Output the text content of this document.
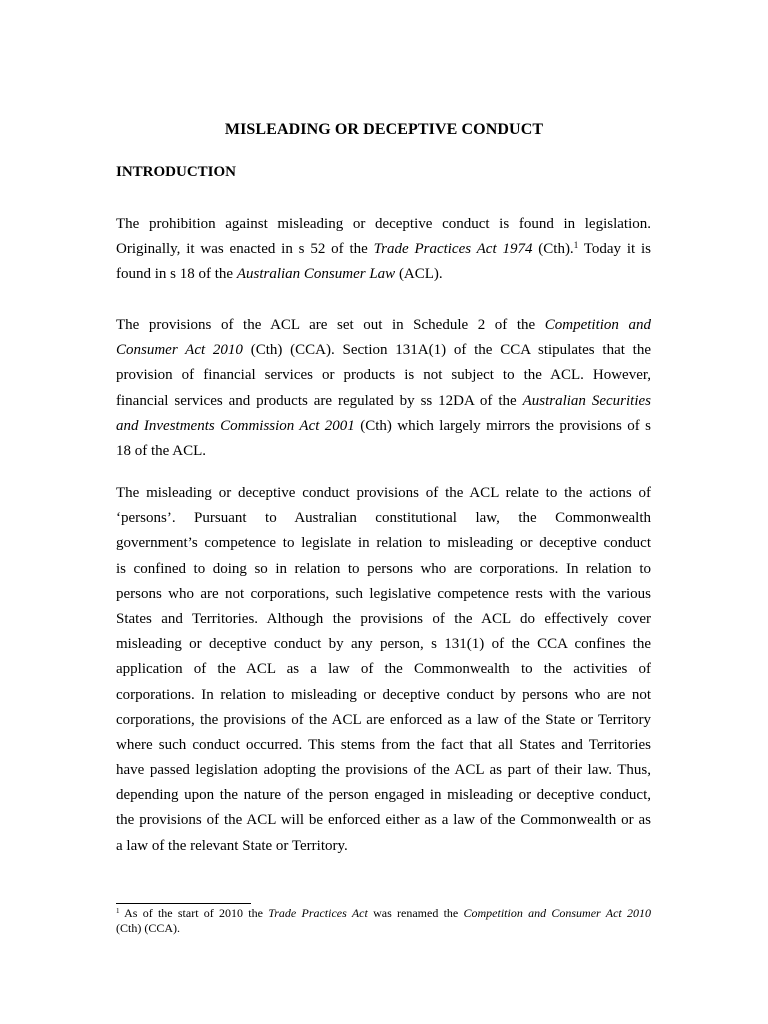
MISLEADING OR DECEPTIVE CONDUCT
INTRODUCTION
The prohibition against misleading or deceptive conduct is found in legislation.
Originally, it was enacted in s 52 of the Trade Practices Act 1974 (Cth).$^1$ Today it is
found in s 18 of the Australian Consumer Law (ACL).
The provisions of the ACL are set out in Schedule 2 of the Competition and
Consumer Act 2010 (Cth) (CCA). Section 131A(1) of the CCA stipulates that the
provision of financial services or products is not subject to the ACL. However,
financial services and products are regulated by ss 12DA of the Australian Securities
and Investments Commission Act 2001 (Cth) which largely mirrors the provisions of s
18 of the ACL.
The misleading or deceptive conduct provisions of the ACL relate to the actions of
‘persons’. Pursuant to Australian constitutional law, the Commonwealth
government’s competence to legislate in relation to misleading or deceptive conduct
is confined to doing so in relation to persons who are corporations. In relation to
persons who are not corporations, such legislative competence rests with the various
States and Territories. Although the provisions of the ACL do effectively cover
misleading or deceptive conduct by any person, s 131(1) of the CCA confines the
application of the ACL as a law of the Commonwealth to the activities of
corporations. In relation to misleading or deceptive conduct by persons who are not
corporations, the provisions of the ACL are enforced as a law of the State or Territory
where such conduct occurred. This stems from the fact that all States and Territories
have passed legislation adopting the provisions of the ACL as part of their law. Thus,
depending upon the nature of the person engaged in misleading or deceptive conduct,
the provisions of the ACL will be enforced either as a law of the Commonwealth or as
a law of the relevant State or Territory.
$^1$ As of the start of 2010 the Trade Practices Act was renamed the Competition and Consumer Act 2010
(Cth) (CCA).
